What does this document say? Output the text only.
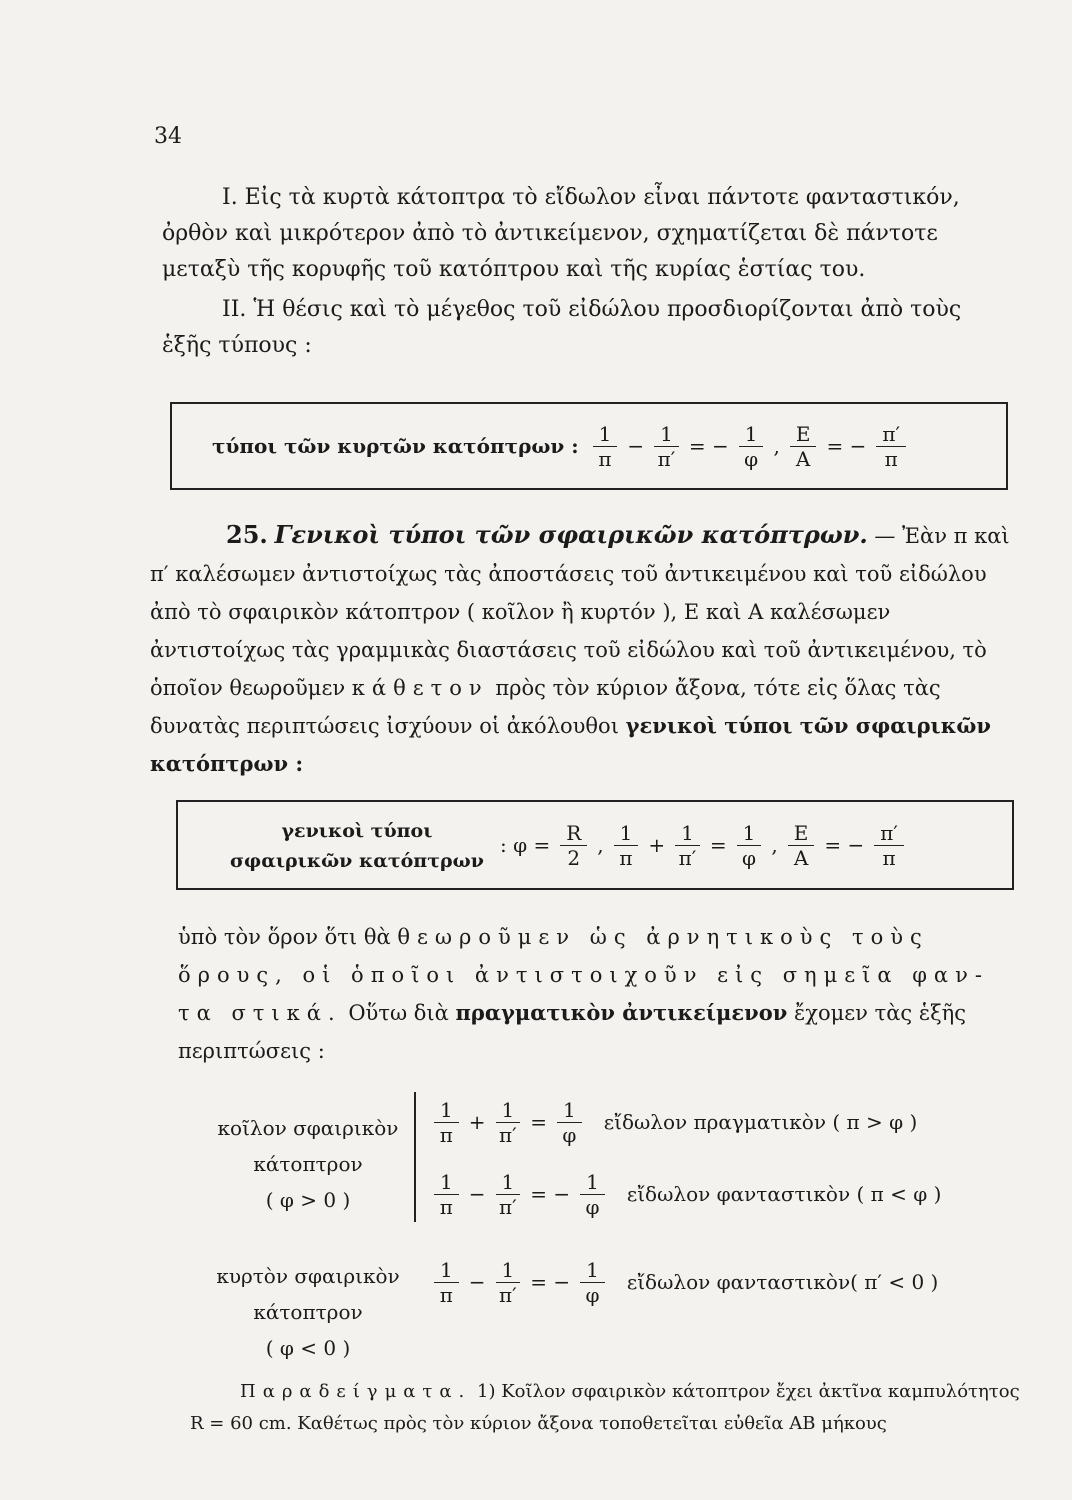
34

I. Εἰς τὰ κυρτὰ κάτοπτρα τὸ εἴδωλον εἶναι πάντοτε φανταστικόν, ὀρθὸν καὶ μικρότερον ἀπὸ τὸ ἀντικείμενον, σχηματίζεται δὲ πάντοτε μεταξὺ τῆς κορυφῆς τοῦ κατόπτρου καὶ τῆς κυρίας ἑστίας του.

II. Ἡ θέσις καὶ τὸ μέγεθος τοῦ εἰδώλου προσδιορίζονται ἀπὸ τοὺς ἑξῆς τύπους :

τύποι τῶν κυρτῶν κατόπτρων : $\frac{1}{\pi} - \frac{1}{\pi'}$ = − $\frac{1}{\varphi}$ , $\frac{E}{A}$ = − $\frac{\pi'}{\pi}$

25. Γενικοὶ τύποι τῶν σφαιρικῶν κατόπτρων. — Ἐὰν π καὶ π′ καλέσωμεν ἀντιστοίχως τὰς ἀποστάσεις τοῦ ἀντικειμένου καὶ τοῦ εἰδώλου ἀπὸ τὸ σφαιρικὸν κάτοπτρον ( κοῖλον ἢ κυρτόν ), Ε καὶ Α καλέσωμεν ἀντιστοίχως τὰς γραμμικὰς διαστάσεις τοῦ εἰδώλου καὶ τοῦ ἀντικειμένου, τὸ ὁποῖον θεωροῦμεν κάθετον πρὸς τὸν κύριον ἄξονα, τότε εἰς ὅλας τὰς δυνατὰς περιπτώσεις ἰσχύουν οἱ ἀκόλουθοι γενικοὶ τύποι τῶν σφαιρικῶν κατόπτρων :

γενικοὶ τύποι
σφαιρικῶν κατόπτρων
: $\varphi = \frac{R}{2}$ , $\frac{1}{\pi} + \frac{1}{\pi'} = \frac{1}{\varphi}$ , $\frac{E}{A}$ = − $\frac{\pi'}{\pi}$
ὑπὸ τὸν ὅρον ὅτι θὰ θεωροῦμεν ὡς ἀρνητικοὺς τοὺς
ὅρους, οἱ ὁποῖοι ἀντιστοιχοῦν εἰς σημεῖα φαν-
τα στικά. Οὕτω διὰ πραγματικὸν ἀντικείμενον ἔχομεν τὰς ἑξῆς
περιπτώσεις :
κοῖλον σφαιρικὸν
κάτοπτρον
( φ > 0 )
$\frac{1}{\pi} + \frac{1}{\pi'} = \frac{1}{\varphi}$ εἴδωλον πραγματικὸν ( π > φ )
$\frac{1}{\pi} - \frac{1}{\pi'}$ = − $\frac{1}{\varphi}$ εἴδωλον φανταστικὸν ( π < φ )
κυρτὸν σφαιρικὸν
κάτοπτρον
( φ < 0 )
$\frac{1}{\pi} - \frac{1}{\pi'}$ = − $\frac{1}{\varphi}$ εἴδωλον φανταστικὸν( π′ < 0 )
Παραδείγματα. 1) Κοῖλον σφαιρικὸν κάτοπτρον ἔχει ἀκτῖνα καμπυλότητος R = 60 cm. Καθέτως πρὸς τὸν κύριον ἄξονα τοποθετεῖται εὐθεῖα ΑΒ μήκους
